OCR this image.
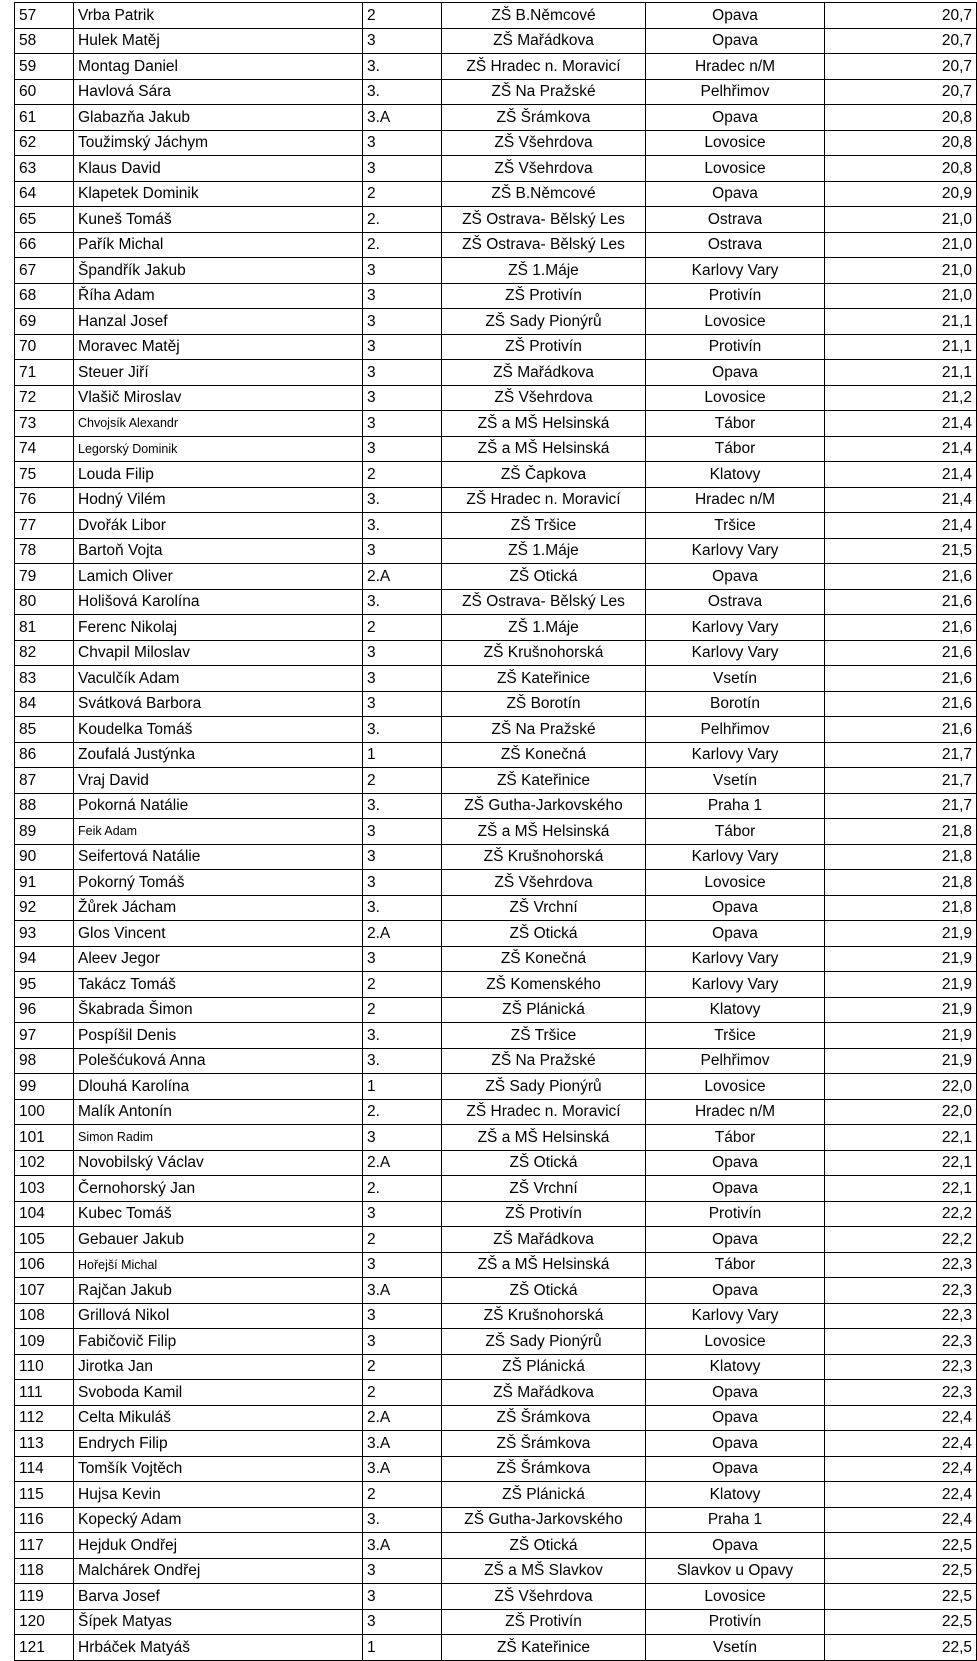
57	Vrba Patrik	2	ZŠ B.Němcové	Opava	20,7
58	Hulek Matěj	3	ZŠ Mařádkova	Opava	20,7
59	Montag Daniel	3.	ZŠ Hradec n. Moravicí	Hradec n/M	20,7
60	Havlová Sára	3.	ZŠ Na Pražské	Pelhřimov	20,7
61	Glabazňa Jakub	3.A	ZŠ Šrámkova	Opava	20,8
62	Toužimský Jáchym	3	ZŠ Všehrdova	Lovosice	20,8
63	Klaus David	3	ZŠ Všehrdova	Lovosice	20,8
64	Klapetek Dominik	2	ZŠ B.Němcové	Opava	20,9
65	Kuneš Tomáš	2.	ZŠ Ostrava- Bělský Les	Ostrava	21,0
66	Pařík Michal	2.	ZŠ Ostrava- Bělský Les	Ostrava	21,0
67	Špandřík Jakub	3	ZŠ 1.Máje	Karlovy Vary	21,0
68	Říha Adam	3	ZŠ Protivín	Protivín	21,0
69	Hanzal Josef	3	ZŠ Sady Pionýrů	Lovosice	21,1
70	Moravec Matěj	3	ZŠ Protivín	Protivín	21,1
71	Steuer Jiří	3	ZŠ Mařádkova	Opava	21,1
72	Vlašič Miroslav	3	ZŠ Všehrdova	Lovosice	21,2
73	Chvojsík Alexandr	3	ZŠ a MŠ Helsinská	Tábor	21,4
74	Legorský Dominik	3	ZŠ a MŠ Helsinská	Tábor	21,4
75	Louda Filip	2	ZŠ Čapkova	Klatovy	21,4
76	Hodný Vilém	3.	ZŠ Hradec n. Moravicí	Hradec n/M	21,4
77	Dvořák Libor	3.	ZŠ Tršice	Tršice	21,4
78	Bartoň Vojta	3	ZŠ 1.Máje	Karlovy Vary	21,5
79	Lamich Oliver	2.A	ZŠ Otická	Opava	21,6
80	Holišová Karolína	3.	ZŠ Ostrava- Bělský Les	Ostrava	21,6
81	Ferenc Nikolaj	2	ZŠ 1.Máje	Karlovy Vary	21,6
82	Chvapil Miloslav	3	ZŠ Krušnohorská	Karlovy Vary	21,6
83	Vaculčík Adam	3	ZŠ Kateřinice	Vsetín	21,6
84	Svátková Barbora	3	ZŠ Borotín	Borotín	21,6
85	Koudelka Tomáš	3.	ZŠ Na Pražské	Pelhřimov	21,6
86	Zoufalá Justýnka	1	ZŠ Konečná	Karlovy Vary	21,7
87	Vraj David	2	ZŠ Kateřinice	Vsetín	21,7
88	Pokorná Natálie	3.	ZŠ Gutha-Jarkovského	Praha 1	21,7
89	Feik Adam	3	ZŠ a MŠ Helsinská	Tábor	21,8
90	Seifertová Natálie	3	ZŠ Krušnohorská	Karlovy Vary	21,8
91	Pokorný Tomáš	3	ZŠ Všehrdova	Lovosice	21,8
92	Žůrek Jácham	3.	ZŠ Vrchní	Opava	21,8
93	Glos Vincent	2.A	ZŠ Otická	Opava	21,9
94	Aleev Jegor	3	ZŠ Konečná	Karlovy Vary	21,9
95	Takácz Tomáš	2	ZŠ Komenského	Karlovy Vary	21,9
96	Škabrada Šimon	2	ZŠ Plánická	Klatovy	21,9
97	Pospíšil Denis	3.	ZŠ Tršice	Tršice	21,9
98	Polešćuková Anna	3.	ZŠ Na Pražské	Pelhřimov	21,9
99	Dlouhá Karolína	1	ZŠ Sady Pionýrů	Lovosice	22,0
100	Malík Antonín	2.	ZŠ Hradec n. Moravicí	Hradec n/M	22,0
101	Simon Radim	3	ZŠ a MŠ Helsinská	Tábor	22,1
102	Novobilský Václav	2.A	ZŠ Otická	Opava	22,1
103	Černohorský Jan	2.	ZŠ Vrchní	Opava	22,1
104	Kubec Tomáš	3	ZŠ Protivín	Protivín	22,2
105	Gebauer Jakub	2	ZŠ Mařádkova	Opava	22,2
106	Hořejší Michal	3	ZŠ a MŠ Helsinská	Tábor	22,3
107	Rajčan Jakub	3.A	ZŠ Otická	Opava	22,3
108	Grillová Nikol	3	ZŠ Krušnohorská	Karlovy Vary	22,3
109	Fabičovič Filip	3	ZŠ Sady Pionýrů	Lovosice	22,3
110	Jirotka Jan	2	ZŠ Plánická	Klatovy	22,3
111	Svoboda Kamil	2	ZŠ Mařádkova	Opava	22,3
112	Celta Mikuláš	2.A	ZŠ Šrámkova	Opava	22,4
113	Endrych Filip	3.A	ZŠ Šrámkova	Opava	22,4
114	Tomšík Vojtěch	3.A	ZŠ Šrámkova	Opava	22,4
115	Hujsa Kevin	2	ZŠ Plánická	Klatovy	22,4
116	Kopecký Adam	3.	ZŠ Gutha-Jarkovského	Praha 1	22,4
117	Hejduk Ondřej	3.A	ZŠ Otická	Opava	22,5
118	Malchárek Ondřej	3	ZŠ a MŠ Slavkov	Slavkov u Opavy	22,5
119	Barva Josef	3	ZŠ Všehrdova	Lovosice	22,5
120	Šípek Matyas	3	ZŠ Protivín	Protivín	22,5
121	Hrbáček Matyáš	1	ZŠ Kateřinice	Vsetín	22,5
